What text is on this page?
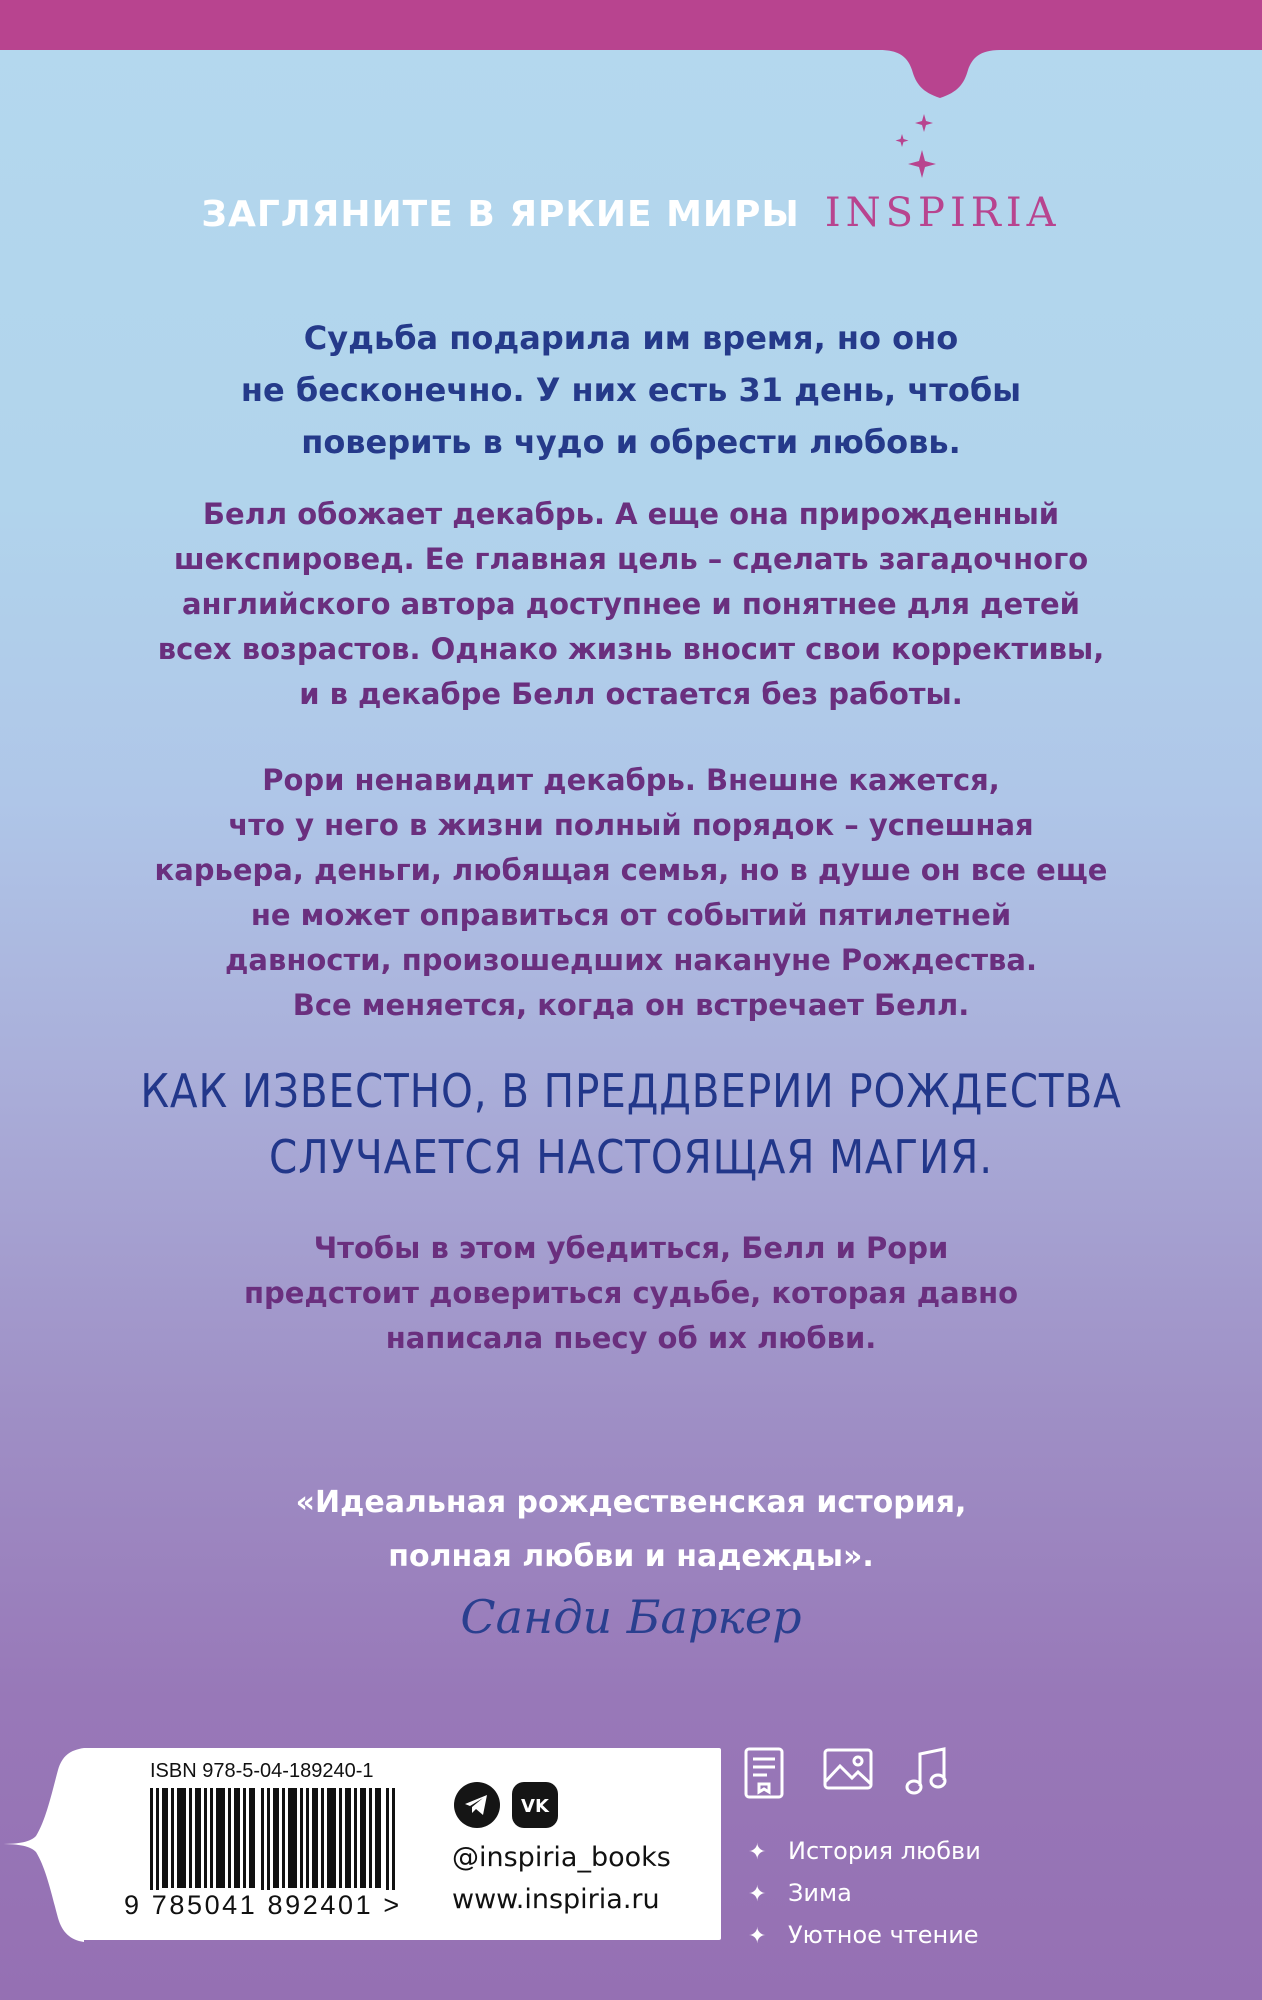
ЗАГЛЯНИТЕ В ЯРКИЕ МИРЫ INSPIRIA
Судьба подарила им время, но оно
не бесконечно. У них есть 31 день, чтобы
поверить в чудо и обрести любовь.
Белл обожает декабрь. А еще она прирожденный
шекспировед. Ее главная цель – сделать загадочного
английского автора доступнее и понятнее для детей
всех возрастов. Однако жизнь вносит свои коррективы,
и в декабре Белл остается без работы.
Рори ненавидит декабрь. Внешне кажется,
что у него в жизни полный порядок – успешная
карьера, деньги, любящая семья, но в душе он все еще
не может оправиться от событий пятилетней
давности, произошедших накануне Рождества.
Все меняется, когда он встречает Белл.
КАК ИЗВЕСТНО, В ПРЕДДВЕРИИ РОЖДЕСТВА
СЛУЧАЕТСЯ НАСТОЯЩАЯ МАГИЯ.
Чтобы в этом убедиться, Белл и Рори
предстоит довериться судьбе, которая давно
написала пьесу об их любви.
«Идеальная рождественская история,
полная любви и надежды».
Санди Баркер
ISBN 978-5-04-189240-1
9 785041 892401 >
VK
@inspiria_books
www.inspiria.ru
✦ История любви
✦ Зима
✦ Уютное чтение
